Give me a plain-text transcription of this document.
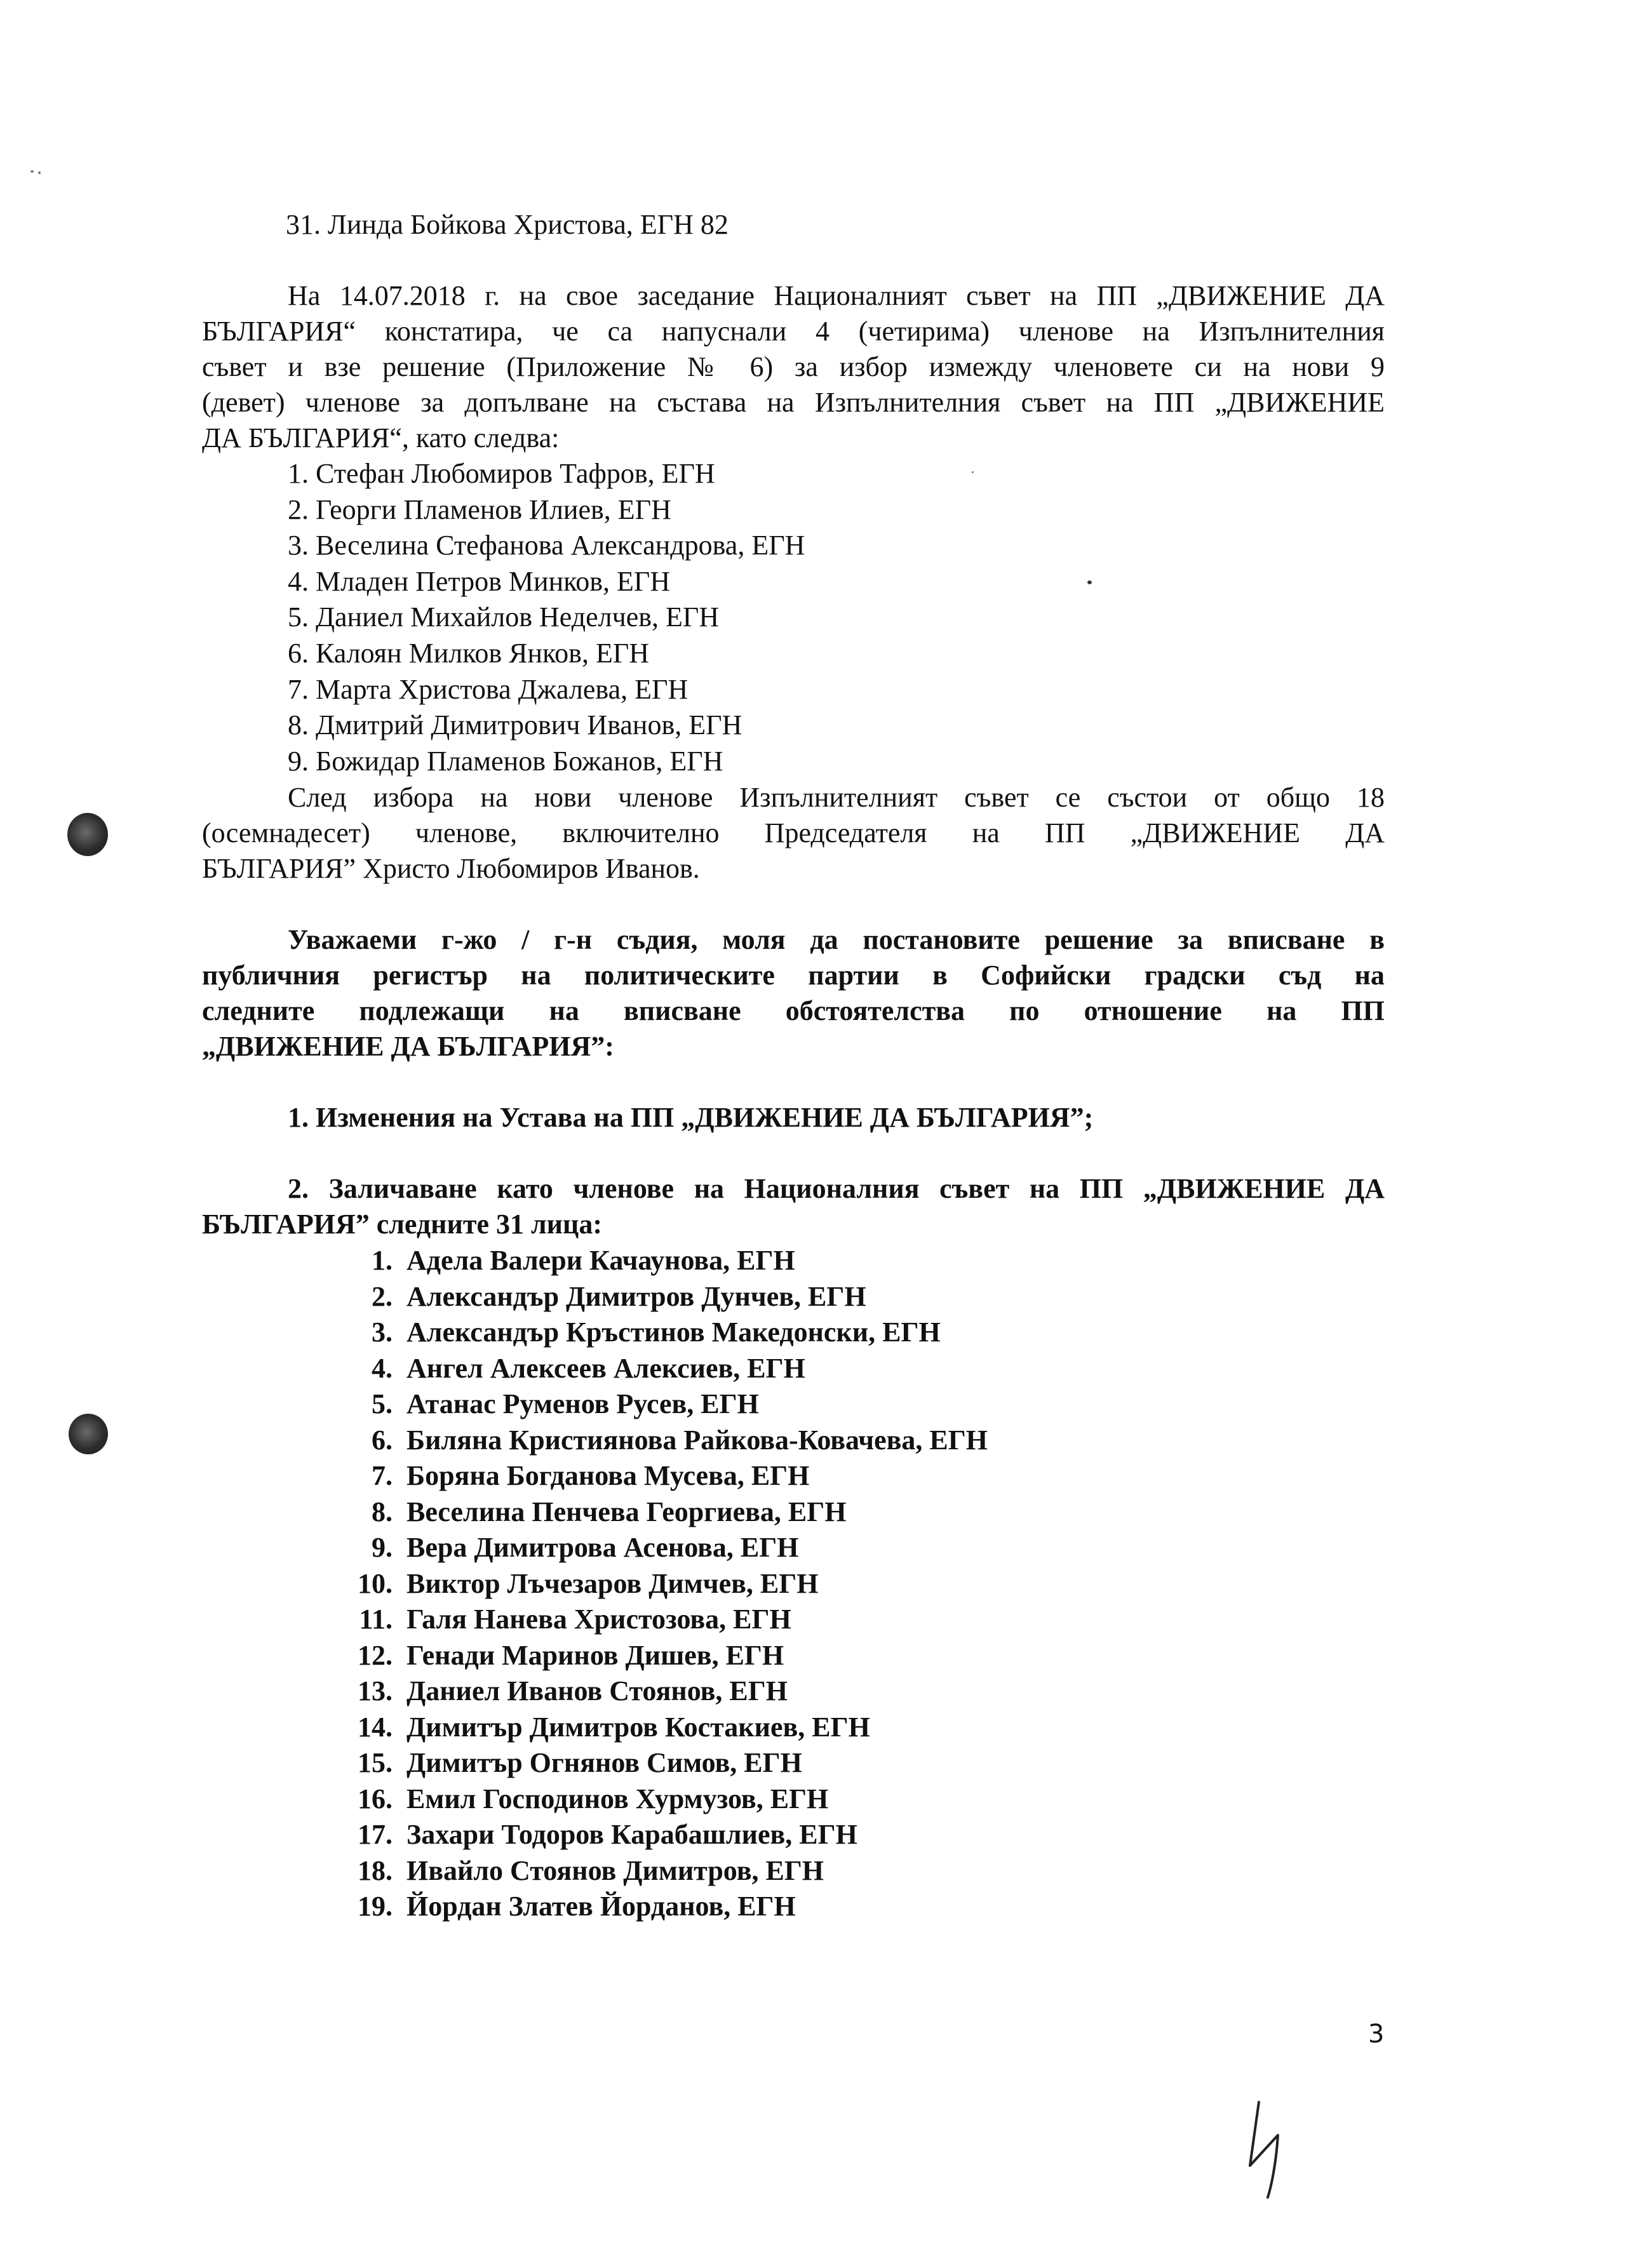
31. Линда Бойкова Христова, ЕГН 82
На 14.07.2018 г. на свое заседание Националният съвет на ПП „ДВИЖЕНИЕ ДА
БЪЛГАРИЯ“ констатира, че са напуснали 4 (четирима) членове на Изпълнителния
съвет и взе решение (Приложение № 6) за избор измежду членовете си на нови 9
(девет) членове за допълване на състава на Изпълнителния съвет на ПП „ДВИЖЕНИЕ
ДА БЪЛГАРИЯ“, като следва:
1. Стефан Любомиров Тафров, ЕГН
2. Георги Пламенов Илиев, ЕГН
3. Веселина Стефанова Александрова, ЕГН
4. Младен Петров Минков, ЕГН
5. Даниел Михайлов Неделчев, ЕГН
6. Калоян Милков Янков, ЕГН
7. Марта Христова Джалева, ЕГН
8. Дмитрий Димитрович Иванов, ЕГН
9. Божидар Пламенов Божанов, ЕГН
След избора на нови членове Изпълнителният съвет се състои от общо 18
(осемнадесет) членове, включително Председателя на ПП „ДВИЖЕНИЕ ДА
БЪЛГАРИЯ” Христо Любомиров Иванов.
Уважаеми г-жо / г-н съдия, моля да постановите решение за вписване в
публичния регистър на политическите партии в Софийски градски съд на
следните подлежащи на вписване обстоятелства по отношение на ПП
„ДВИЖЕНИЕ ДА БЪЛГАРИЯ”:
1. Изменения на Устава на ПП „ДВИЖЕНИЕ ДА БЪЛГАРИЯ”;
2. Заличаване като членове на Националния съвет на ПП „ДВИЖЕНИЕ ДА
БЪЛГАРИЯ” следните 31 лица:
1. Адела Валери Качаунова, ЕГН
2. Александър Димитров Дунчев, ЕГН
3. Александър Кръстинов Македонски, ЕГН
4. Ангел Алексеев Алексиев, ЕГН
5. Атанас Руменов Русев, ЕГН
6. Биляна Кристиянова Райкова-Ковачева, ЕГН
7. Боряна Богданова Мусева, ЕГН
8. Веселина Пенчева Георгиева, ЕГН
9. Вера Димитрова Асенова, ЕГН
10. Виктор Лъчезаров Димчев, ЕГН
11. Галя Нанева Христозова, ЕГН
12. Генади Маринов Дишев, ЕГН
13. Даниел Иванов Стоянов, ЕГН
14. Димитър Димитров Костакиев, ЕГН
15. Димитър Огнянов Симов, ЕГН
16. Емил Господинов Хурмузов, ЕГН
17. Захари Тодоров Карабашлиев, ЕГН
18. Ивайло Стоянов Димитров, ЕГН
19. Йордан Златев Йорданов, ЕГН
3
